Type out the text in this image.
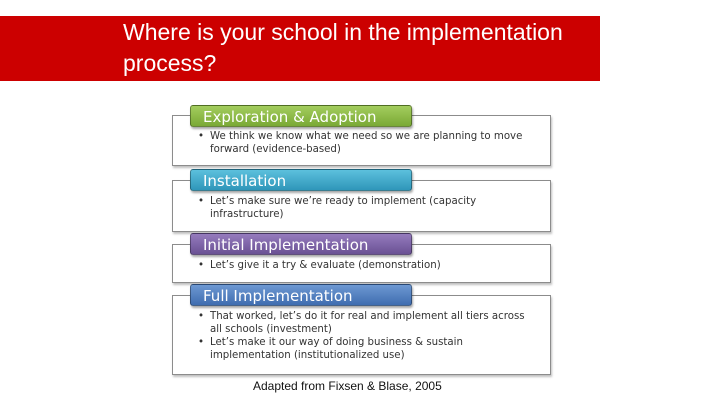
Where is your school in the implementation process?
Exploration & Adoption
• We think we know what we need so we are planning to move forward (evidence-based)
Installation
• Let’s make sure we’re ready to implement (capacity infrastructure)
Initial Implementation
• Let’s give it a try & evaluate (demonstration)
Full Implementation
• That worked, let’s do it for real and implement all tiers across all schools (investment)
• Let’s make it our way of doing business & sustain implementation (institutionalized use)
Adapted from Fixsen & Blase, 2005
